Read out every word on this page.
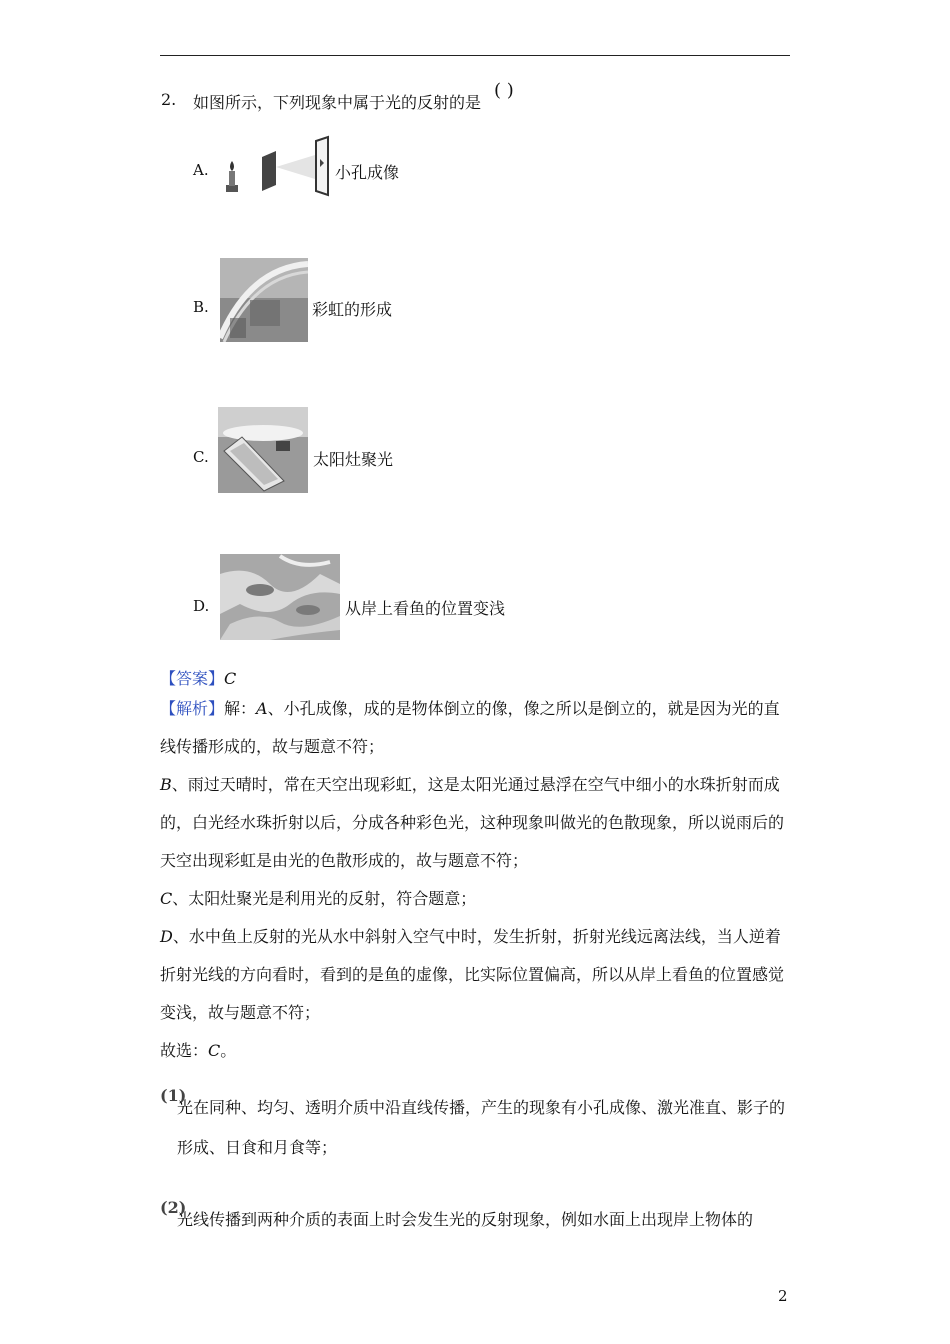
2. 如图所示，下列现象中属于光的反射的是
( )
A.	小孔成像
B.	彩虹的形成
C.	太阳灶聚光
D.	从岸上看鱼的位置变浅
【答案】C
【解析】解：A、小孔成像，成的是物体倒立的像，像之所以是倒立的，就是因为光的直线传播形成的，故与题意不符；
B、雨过天晴时，常在天空出现彩虹，这是太阳光通过悬浮在空气中细小的水珠折射而成的，白光经水珠折射以后，分成各种彩色光，这种现象叫做光的色散现象，所以说雨后的天空出现彩虹是由光的色散形成的，故与题意不符；
C、太阳灶聚光是利用光的反射，符合题意；
D、水中鱼上反射的光从水中斜射入空气中时，发生折射，折射光线远离法线，当人逆着折射光线的方向看时，看到的是鱼的虚像，比实际位置偏高，所以从岸上看鱼的位置感觉变浅，故与题意不符；
故选：C。
(1)
光在同种、均匀、透明介质中沿直线传播，产生的现象有小孔成像、激光准直、影子的形成、日食和月食等；
(2)
光线传播到两种介质的表面上时会发生光的反射现象，例如水面上出现岸上物体的
2
